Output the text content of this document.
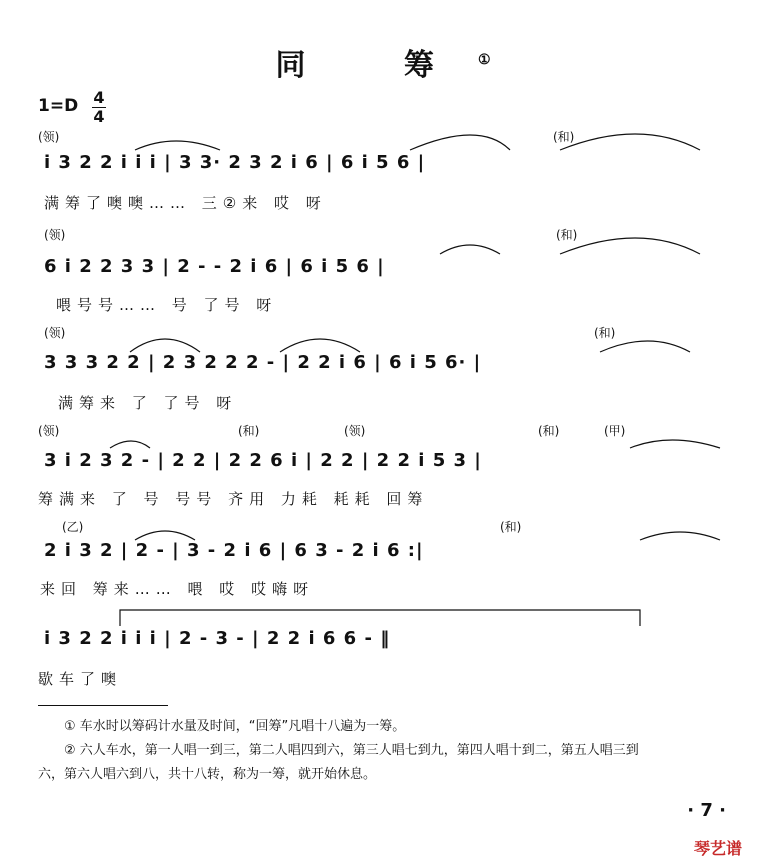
同 筹①
1=D 4
4
(领)	(和)
i 3 2 2 i i i | 3 3· 2 3 2 i 6 | 6 i 5 6 |
满筹了噢噢…… 三②来 哎 呀
(领)	(和)
6 i 2 2 3 3 | 2 - - 2 i 6 | 6 i 5 6 |
喂号号…… 号 了号 呀
(领)	(和)
3 3 3 2 2 | 2 3 2 2 2 - | 2 2 i 6 | 6 i 5 6· |
满筹来 了 了号 呀
(领)	(和)	(领)	(和)	(甲)
3 i 2 3 2 - | 2 2 | 2 2 6 i | 2 2 | 2 2 i 5 3 |
筹满来 了 号 号号 齐用 力耗 耗耗 回筹
(乙)	(和)
2 i 3 2 | 2 - | 3 - 2 i 6 | 6 3 - 2 i 6 :|
来回 筹来…… 喂 哎 哎嗨呀
i 3 2 2 i i i | 2 - 3 - | 2 2 i 6 6 - ‖
歇车了噢
① 车水时以筹码计水量及时间，“回筹”凡唱十八遍为一筹。
② 六人车水，第一人唱一到三，第二人唱四到六，第三人唱七到九，第四人唱十到二，第五人唱三到
六，第六人唱六到八，共十八转，称为一筹，就开始休息。
· 7 ·
琴艺谱
